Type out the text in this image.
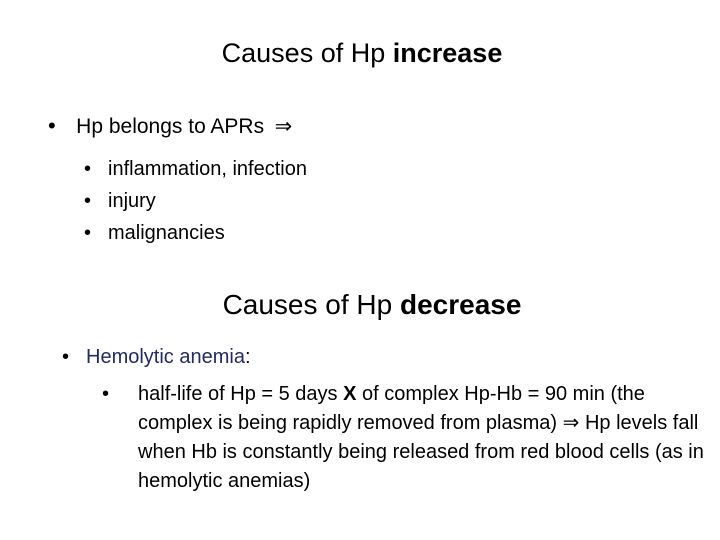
Causes of Hp increase
• Hp belongs to APRs ⇒
• inflammation, infection
• injury
• malignancies
Causes of Hp decrease
• Hemolytic anemia:
• half-life of Hp = 5 days X of complex Hp-Hb = 90 min (the complex is being rapidly removed from plasma) ⇒ Hp levels fall when Hb is constantly being released from red blood cells (as in hemolytic anemias)
